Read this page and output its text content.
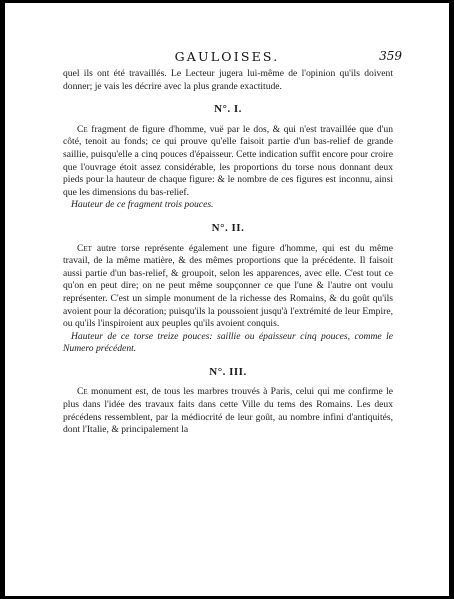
GAULOISES.	359

quel ils ont été travaillés. Le Lecteur jugera lui-même de l'opinion qu'ils doivent donner; je vais les décrire avec la plus grande exactitude.

N°. I.

Ce fragment de figure d'homme, vuë par le dos, & qui n'est travaillée que d'un côté, tenoit au fonds; ce qui prouve qu'elle faisoit partie d'un bas-relief de grande saillie, puisqu'elle a cinq pouces d'épaisseur. Cette indication suffit encore pour croire que l'ouvrage étoit assez considérable, les proportions du torse nous donnant deux pieds pour la hauteur de chaque figure: & le nombre de ces figures est inconnu, ainsi que les dimensions du bas-relief.

Hauteur de ce fragment trois pouces.

N°. II.

Cet autre torse représente également une figure d'homme, qui est du même travail, de la même matière, & des mêmes proportions que la précédente. Il faisoit aussi partie d'un bas-relief, & groupoit, selon les apparences, avec elle. C'est tout ce qu'on en peut dire; on ne peut même soupçonner ce que l'une & l'autre ont voulu représenter. C'est un simple monument de la richesse des Romains, & du goût qu'ils avoient pour la décoration; puisqu'ils la poussoient jusqu'à l'extrémité de leur Empire, ou qu'ils l'inspiroient aux peuples qu'ils avoient conquis.

Hauteur de ce torse treize pouces: saillie ou épaisseur cinq pouces, comme le Numero précédent.

N°. III.

Ce monument est, de tous les marbres trouvés à Paris, celui qui me confirme le plus dans l'idée des travaux faits dans cette Ville du tems des Romains. Les deux précédens ressemblent, par la médiocrité de leur goût, au nombre infini d'antiquités, dont l'Italie, & principalement la
